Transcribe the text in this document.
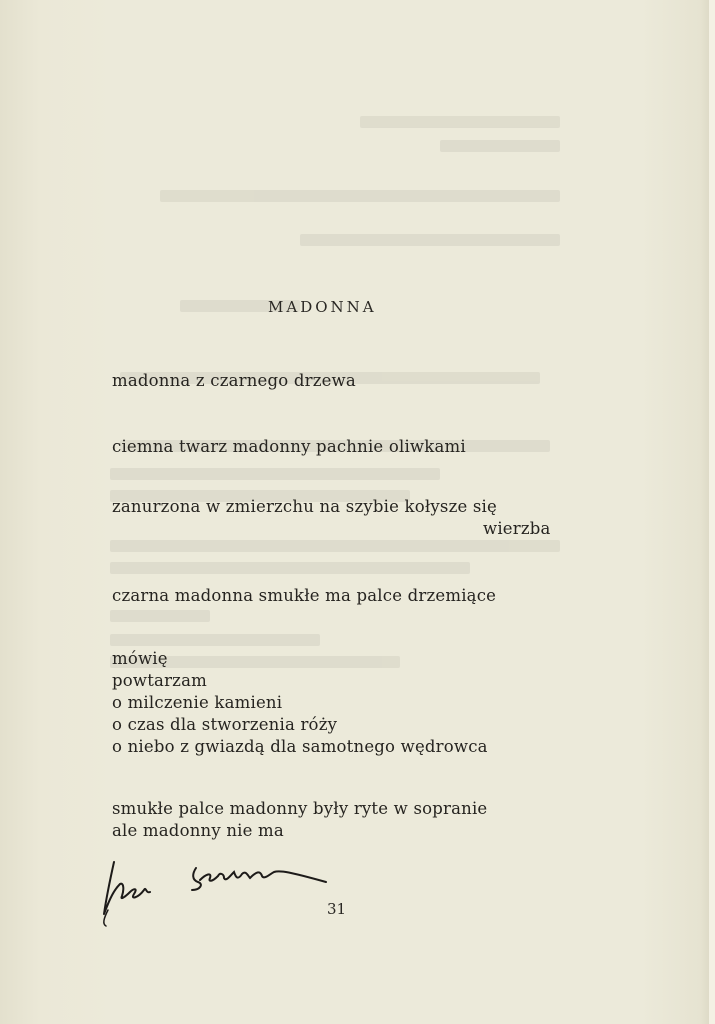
MADONNA
madonna z czarnego drzewa
ciemna twarz madonny pachnie oliwkami
zanurzona w zmierzchu na szybie kołysze się
wierzba
czarna madonna smukłe ma palce drzemiące
mówię
powtarzam
o milczenie kamieni
o czas dla stworzenia róży
o niebo z gwiazdą dla samotnego wędrowca
smukłe palce madonny były ryte w sopranie
ale madonny nie ma
31
